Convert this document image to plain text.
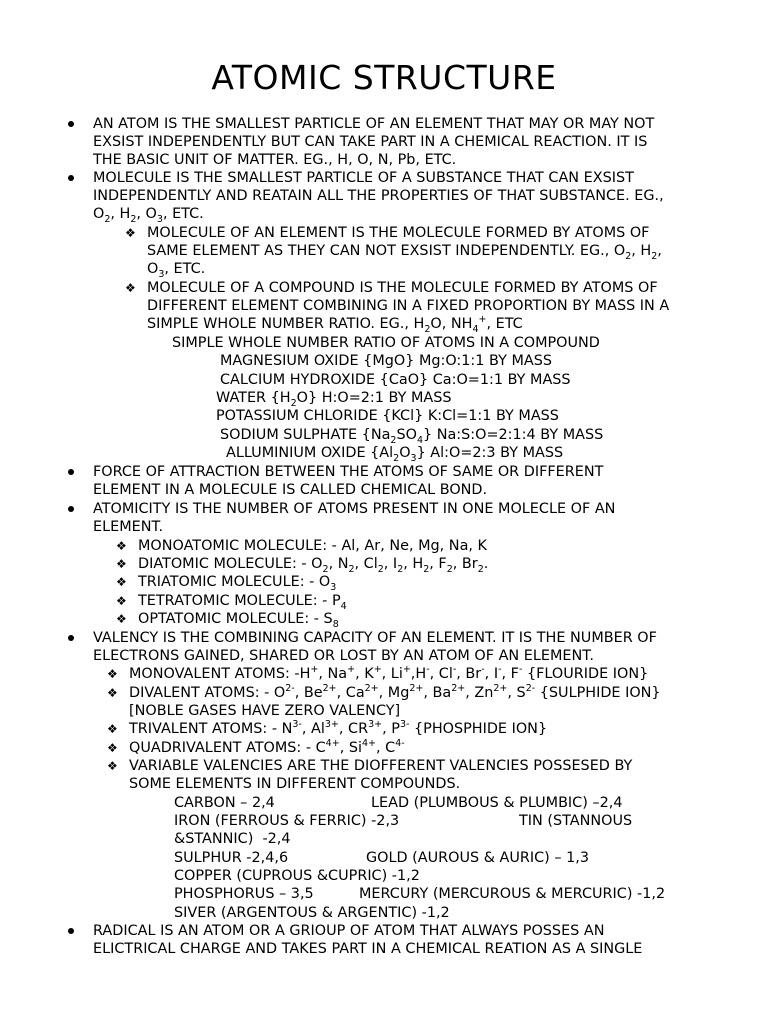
ATOMIC STRUCTURE
AN ATOM IS THE SMALLEST PARTICLE OF AN ELEMENT THAT MAY OR MAY NOT
EXSIST INDEPENDENTLY BUT CAN TAKE PART IN A CHEMICAL REACTION. IT IS
THE BASIC UNIT OF MATTER. EG., H, O, N, Pb, ETC.
MOLECULE IS THE SMALLEST PARTICLE OF A SUBSTANCE THAT CAN EXSIST
INDEPENDENTLY AND REATAIN ALL THE PROPERTIES OF THAT SUBSTANCE. EG.,
$O_2$, $H_2$, $O_3$, ETC.
❖ MOLECULE OF AN ELEMENT IS THE MOLECULE FORMED BY ATOMS OF
SAME ELEMENT AS THEY CAN NOT EXSIST INDEPENDENTLY. EG., $O_2$, $H_2$,
$O_3$, ETC.
❖ MOLECULE OF A COMPOUND IS THE MOLECULE FORMED BY ATOMS OF
DIFFERENT ELEMENT COMBINING IN A FIXED PROPORTION BY MASS IN A
SIMPLE WHOLE NUMBER RATIO. EG., $H_2O$, $NH_4^+$, ETC
SIMPLE WHOLE NUMBER RATIO OF ATOMS IN A COMPOUND
MAGNESIUM OXIDE {MgO} Mg:O:1:1 BY MASS
CALCIUM HYDROXIDE {CaO} Ca:O=1:1 BY MASS
WATER $\{H_2O\}$ H:O=2:1 BY MASS
POTASSIUM CHLORIDE {KCl} K:Cl=1:1 BY MASS
SODIUM SULPHATE $\{Na_2SO_4\}$ Na:S:O=2:1:4 BY MASS
ALLUMINIUM OXIDE $\{Al_2O_3\}$ Al:O=2:3 BY MASS
FORCE OF ATTRACTION BETWEEN THE ATOMS OF SAME OR DIFFERENT
ELEMENT IN A MOLECULE IS CALLED CHEMICAL BOND.
ATOMICITY IS THE NUMBER OF ATOMS PRESENT IN ONE MOLECLE OF AN
ELEMENT.
❖ MONOATOMIC MOLECULE: - Al, Ar, Ne, Mg, Na, K
❖ DIATOMIC MOLECULE: - $O_2$, $N_2$, $Cl_2$, $I_2$, $H_2$, $F_2$, $Br_2$.
❖ TRIATOMIC MOLECULE: - $O_3$
❖ TETRATOMIC MOLECULE: - $P_4$
❖ OPTATOMIC MOLECULE: - $S_8$
VALENCY IS THE COMBINING CAPACITY OF AN ELEMENT. IT IS THE NUMBER OF
ELECTRONS GAINED, SHARED OR LOST BY AN ATOM OF AN ELEMENT.
❖ MONOVALENT ATOMS: -H+, Na+, K+, Li+,H-, Cl-, Br-, I-, F- {FLOURIDE ION}
❖ DIVALENT ATOMS: - $O^{2-}$, $Be^{2+}$, $Ca^{2+}$, $Mg^{2+}$, $Ba^{2+}$, $Zn^{2+}$, $S^{2-}$ {SULPHIDE ION}
[NOBLE GASES HAVE ZERO VALENCY]
❖ TRIVALENT ATOMS: - $N^{3-}$, $Al^{3+}$, $CR^{3+}$, $P^{3-}$ {PHOSPHIDE ION}
❖ QUADRIVALENT ATOMS: - $C^{4+}$, $Si^{4+}$, $C^{4-}$
❖ VARIABLE VALENCIES ARE THE DIOFFERENT VALENCIES POSSESED BY
SOME ELEMENTS IN DIFFERENT COMPOUNDS.
CARBON – 2,4	LEAD (PLUMBOUS & PLUMBIC) –2,4
IRON (FERROUS & FERRIC) -2,3	TIN (STANNOUS
&STANNIC)  -2,4
SULPHUR -2,4,6	GOLD (AUROUS & AURIC) – 1,3
COPPER (CUPROUS &CUPRIC) -1,2
PHOSPHORUS – 3,5	MERCURY (MERCUROUS & MERCURIC) -1,2
SIVER (ARGENTOUS & ARGENTIC) -1,2
RADICAL IS AN ATOM OR A GRIOUP OF ATOM THAT ALWAYS POSSES AN
ELICTRICAL CHARGE AND TAKES PART IN A CHEMICAL REATION AS A SINGLE
